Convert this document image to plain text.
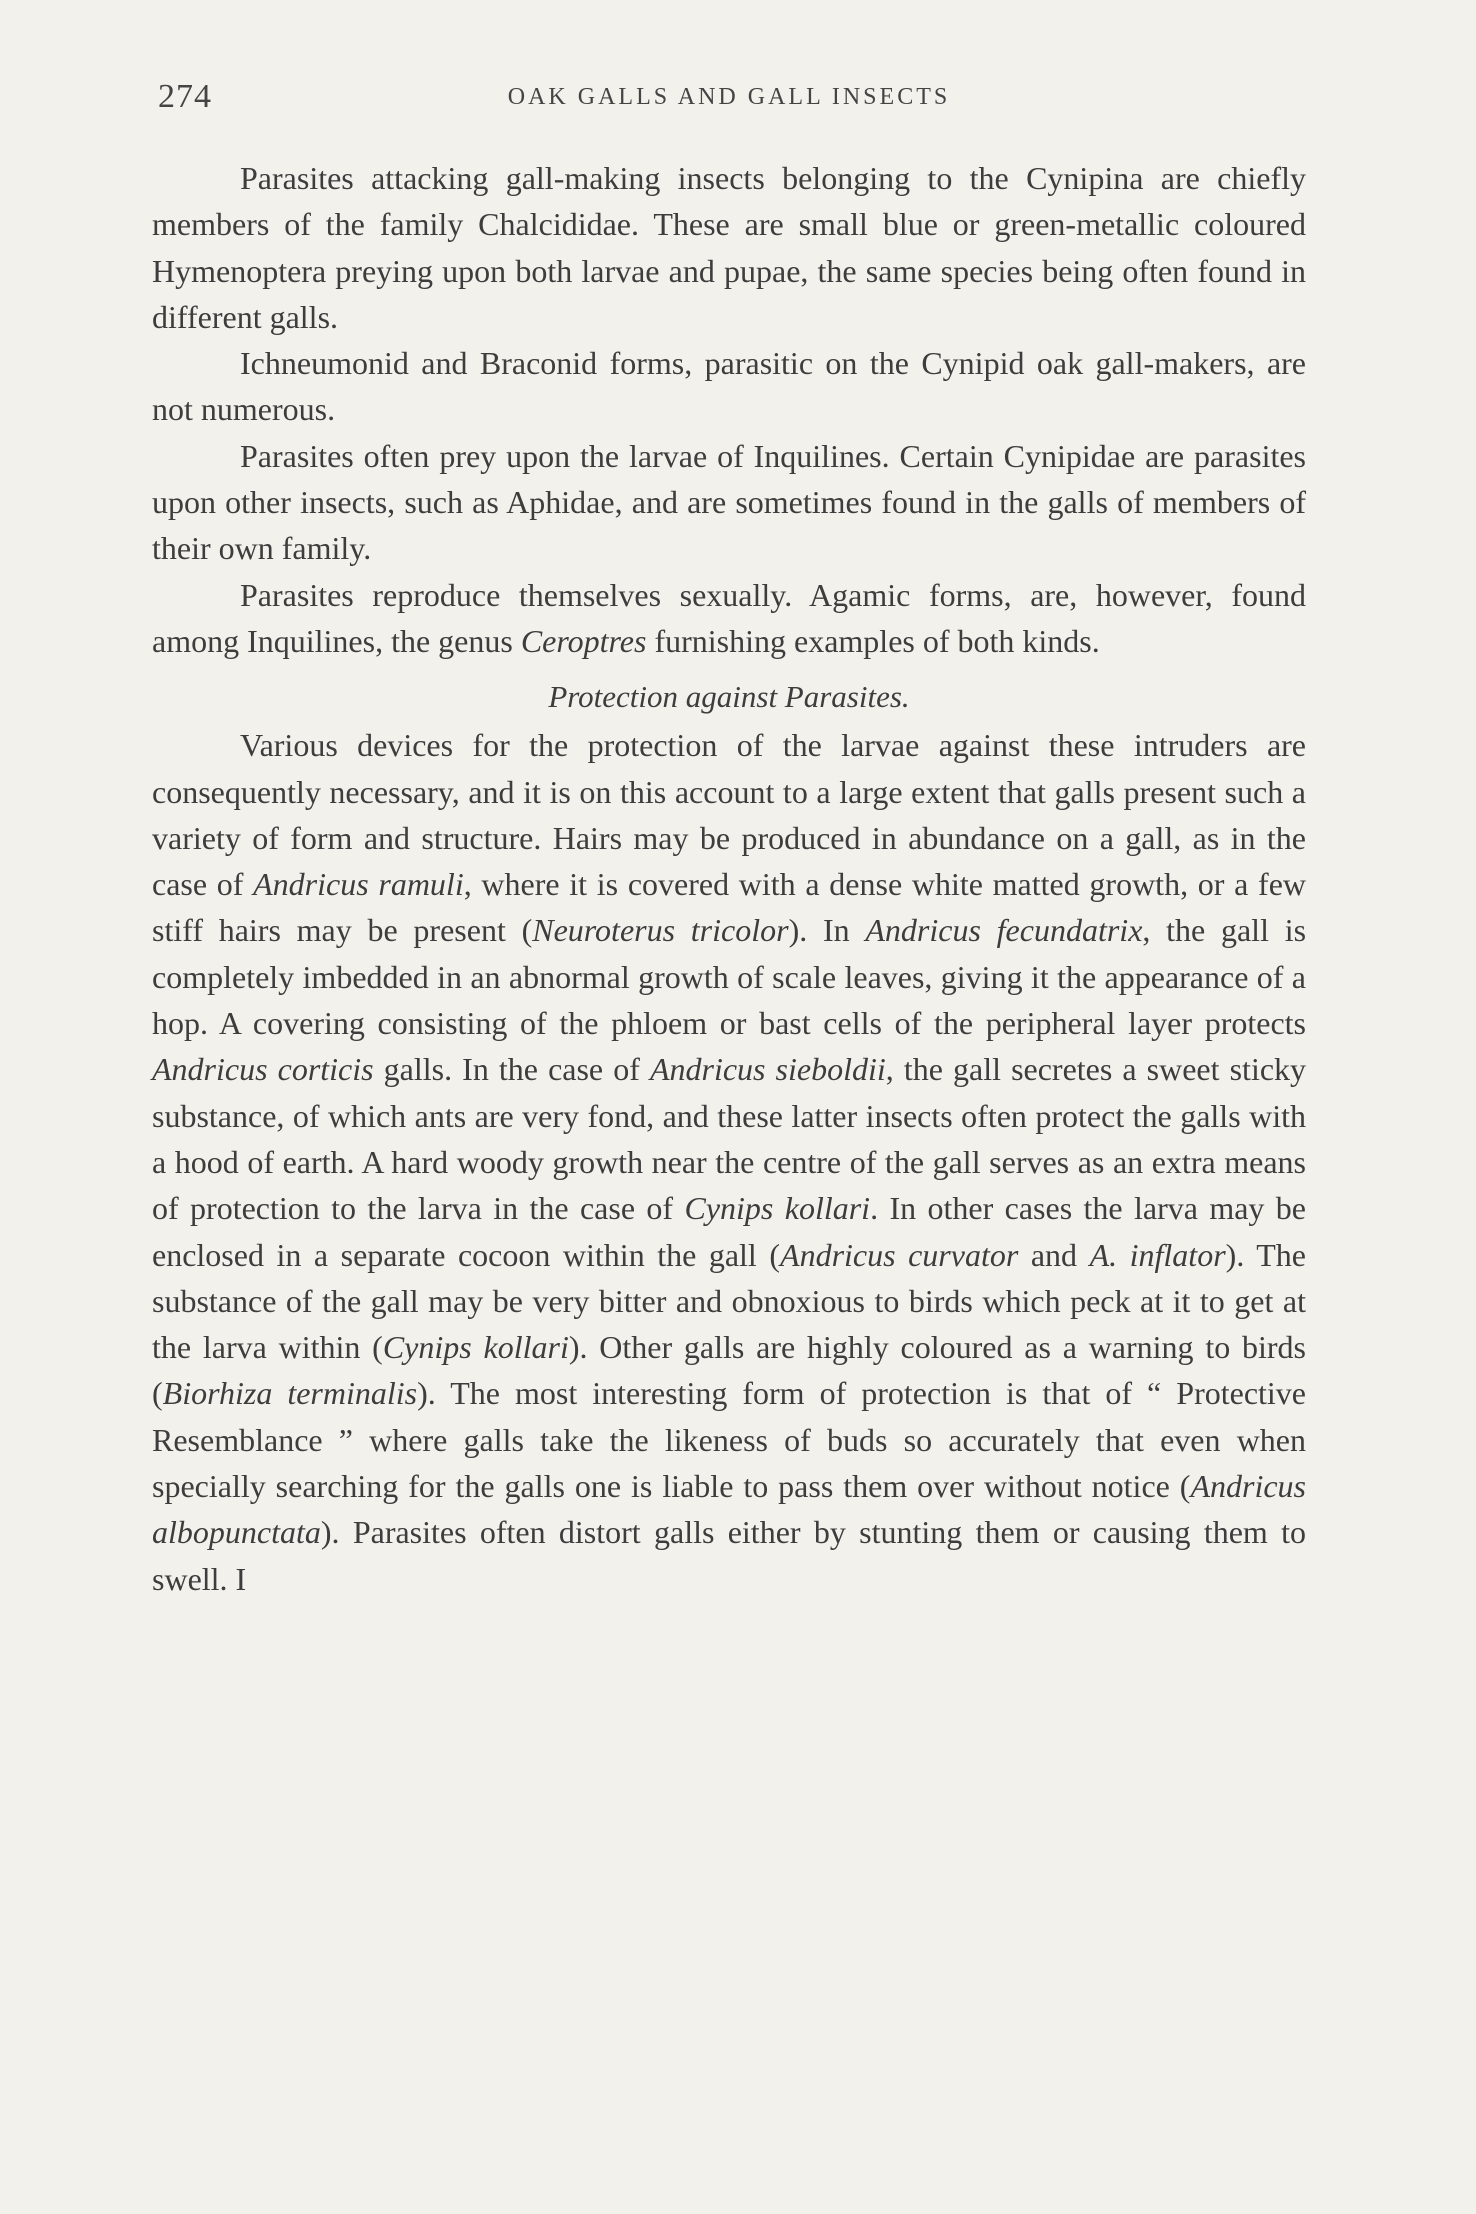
274	OAK GALLS AND GALL INSECTS

Parasites attacking gall-making insects belonging to the Cynipina are chiefly members of the family Chalcididae. These are small blue or green-metallic coloured Hymenoptera preying upon both larvae and pupae, the same species being often found in different galls.

Ichneumonid and Braconid forms, parasitic on the Cynipid oak gall-makers, are not numerous.

Parasites often prey upon the larvae of Inquilines. Certain Cynipidae are parasites upon other insects, such as Aphidae, and are sometimes found in the galls of members of their own family.

Parasites reproduce themselves sexually. Agamic forms, are, however, found among Inquilines, the genus Ceroptres furnishing examples of both kinds.

Protection against Parasites.

Various devices for the protection of the larvae against these intruders are consequently necessary, and it is on this account to a large extent that galls present such a variety of form and structure. Hairs may be produced in abundance on a gall, as in the case of Andricus ramuli, where it is covered with a dense white matted growth, or a few stiff hairs may be present (Neuroterus tricolor). In Andricus fecundatrix, the gall is completely imbedded in an abnormal growth of scale leaves, giving it the appearance of a hop. A covering consisting of the phloem or bast cells of the peripheral layer protects Andricus corticis galls. In the case of Andricus sieboldii, the gall secretes a sweet sticky substance, of which ants are very fond, and these latter insects often protect the galls with a hood of earth. A hard woody growth near the centre of the gall serves as an extra means of protection to the larva in the case of Cynips kollari. In other cases the larva may be enclosed in a separate cocoon within the gall (Andricus curvator and A. inflator). The substance of the gall may be very bitter and obnoxious to birds which peck at it to get at the larva within (Cynips kollari). Other galls are highly coloured as a warning to birds (Biorhiza terminalis). The most interesting form of protection is that of “ Protective Resemblance ” where galls take the likeness of buds so accurately that even when specially searching for the galls one is liable to pass them over without notice (Andricus albopunctata). Parasites often distort galls either by stunting them or causing them to swell. I
